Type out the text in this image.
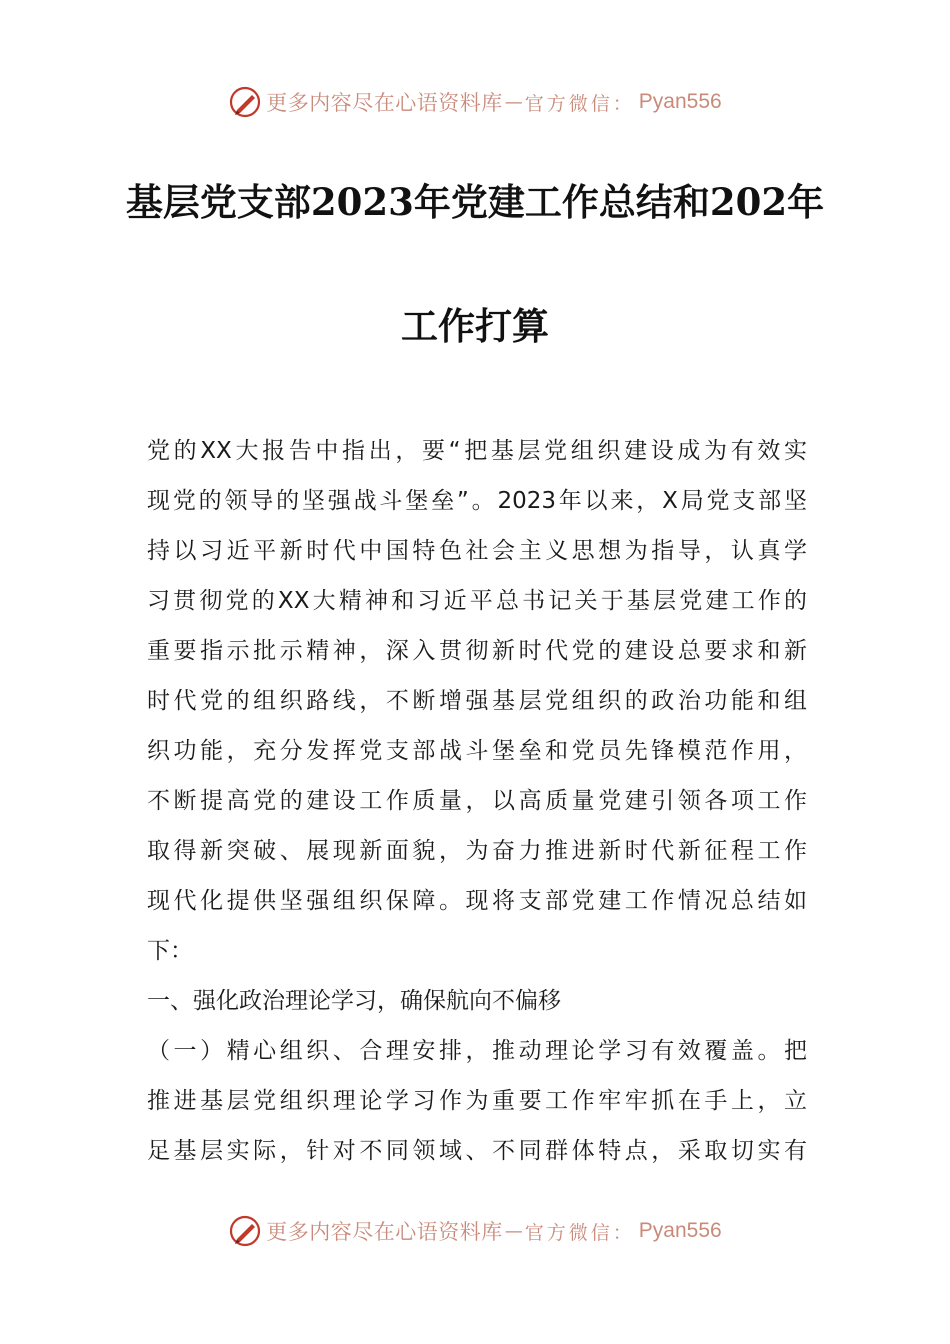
更多内容尽在心语资料库 — 官方微信： Pyan556
基层党支部2023年党建工作总结和202年
工作打算
党的XX大报告中指出，要“把基层党组织建设成为有效实
现党的领导的坚强战斗堡垒”。2023年以来，X局党支部坚
持以习近平新时代中国特色社会主义思想为指导，认真学
习贯彻党的XX大精神和习近平总书记关于基层党建工作的
重要指示批示精神，深入贯彻新时代党的建设总要求和新
时代党的组织路线，不断增强基层党组织的政治功能和组
织功能，充分发挥党支部战斗堡垒和党员先锋模范作用，
不断提高党的建设工作质量，以高质量党建引领各项工作
取得新突破、展现新面貌，为奋力推进新时代新征程工作
现代化提供坚强组织保障。现将支部党建工作情况总结如
下：
一、强化政治理论学习，确保航向不偏移
（一）精心组织、合理安排，推动理论学习有效覆盖。把
推进基层党组织理论学习作为重要工作牢牢抓在手上，立
足基层实际，针对不同领域、不同群体特点，采取切实有
更多内容尽在心语资料库 — 官方微信： Pyan556
